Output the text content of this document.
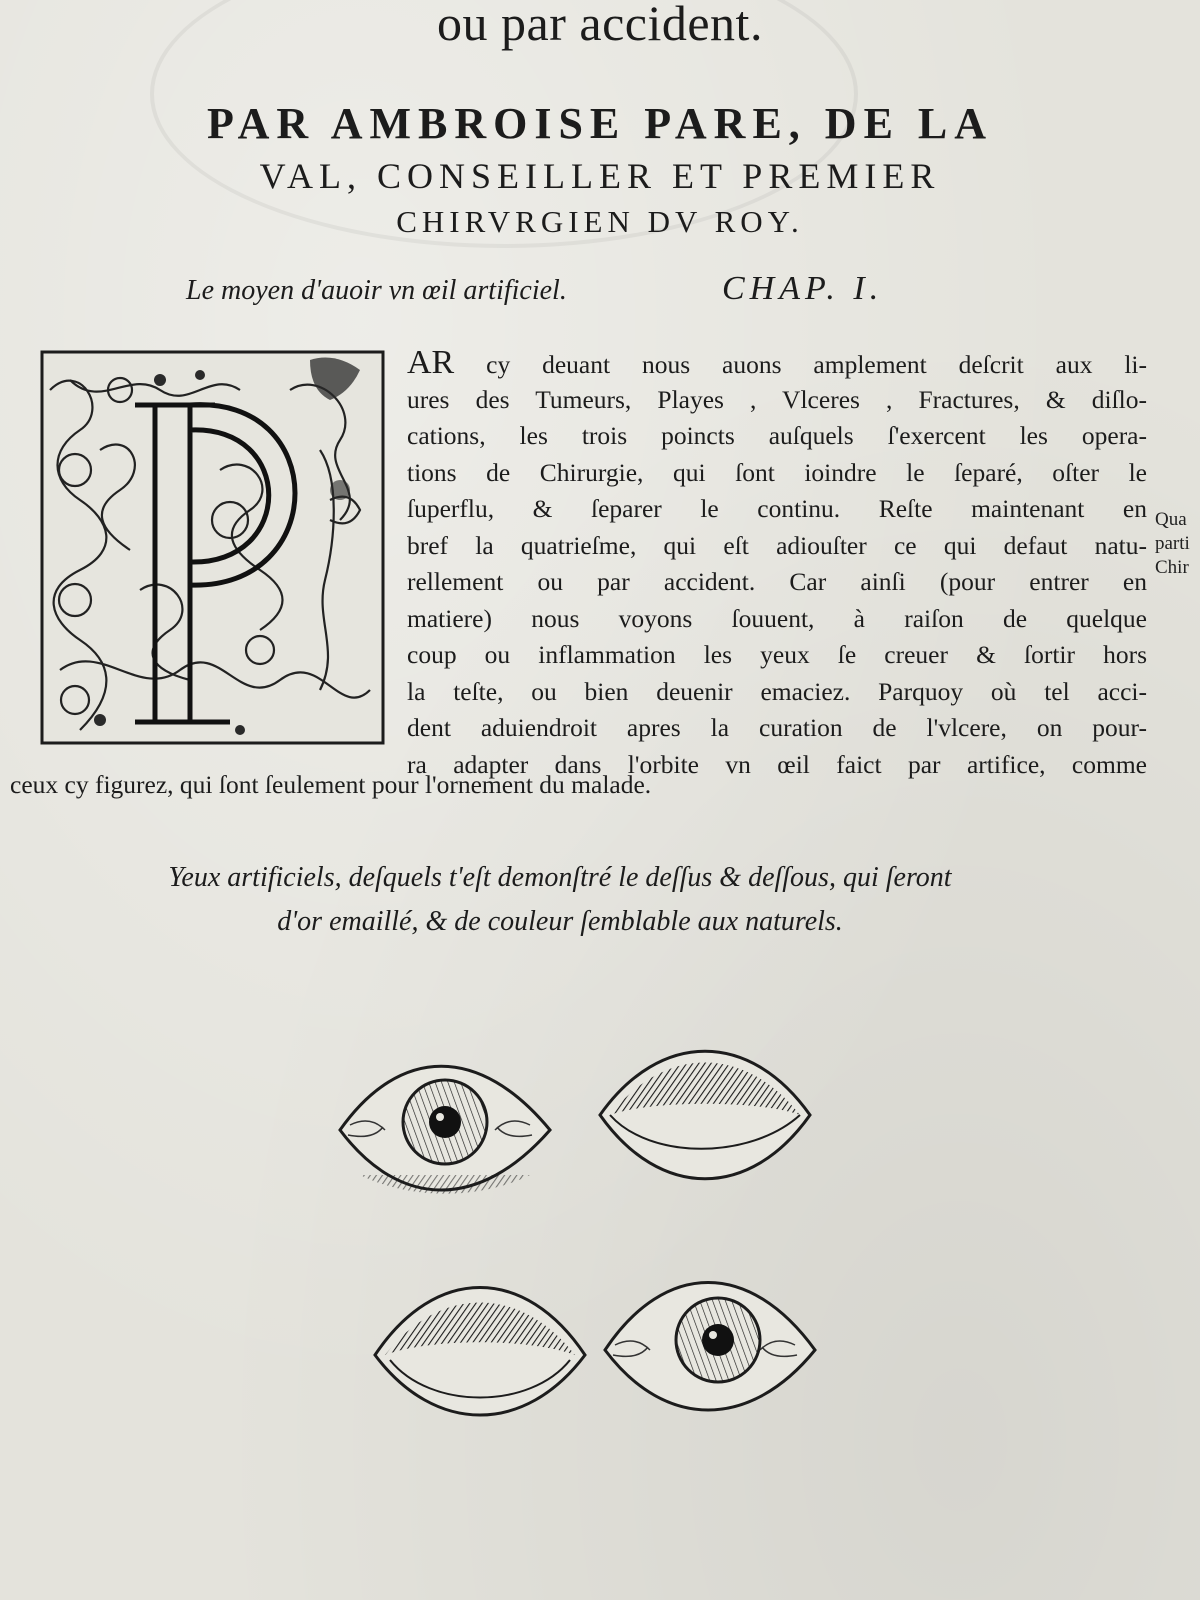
ou par accident.
PAR AMBROISE PARE, DE LA
VAL, CONSEILLER ET PREMIER
CHIRVRGIEN DV ROY.
Le moyen d'auoir vn œil artificiel.	CHAP. I.
AR cy deuant nous auons amplement deſcrit aux li-
ures des Tumeurs, Playes , Vlceres , Fractures, & diſlo-
cations, les trois poincts auſquels ſ'exercent les opera-
tions de Chirurgie, qui ſont ioindre le ſeparé, oſter le
ſuperflu, & ſeparer le continu. Reſte maintenant en
bref la quatrieſme, qui eſt adiouſter ce qui defaut natu-
rellement ou par accident. Car ainſi (pour entrer en
matiere) nous voyons ſouuent, à raiſon de quelque
coup ou inflammation les yeux ſe creuer & ſortir hors
la teſte, ou bien deuenir emaciez. Parquoy où tel acci-
dent aduiendroit apres la curation de l'vlcere, on pour-
ra adapter dans l'orbite vn œil faict par artifice, comme
ceux cy figurez, qui ſont ſeulement pour l'ornement du malade.
Qua
parti
Chir
Yeux artificiels, deſquels t'eſt demonſtré le deſſus & deſſous, qui ſeront
d'or emaillé, & de couleur ſemblable aux naturels.
